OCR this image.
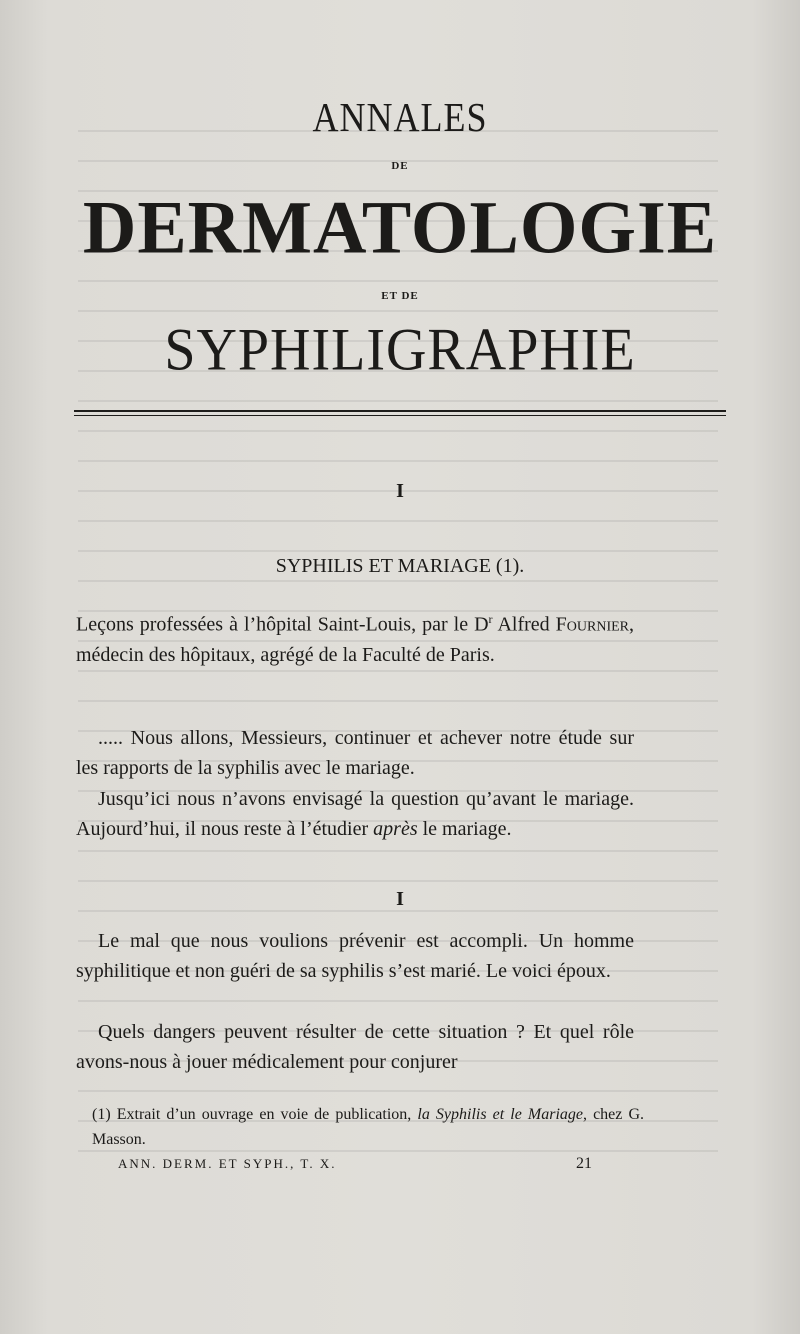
ANNALES
DE
DERMATOLOGIE
ET DE
SYPHILIGRAPHIE
I
SYPHILIS ET MARIAGE (1).
Leçons professées à l’hôpital Saint-Louis, par le $D^r$ Alfred Fournier, médecin des hôpitaux, agrégé de la Faculté de Paris.
..... Nous allons, Messieurs, continuer et achever notre étude sur les rapports de la syphilis avec le mariage.
Jusqu’ici nous n’avons envisagé la question qu’avant le mariage. Aujourd’hui, il nous reste à l’étudier après le mariage.
I
Le mal que nous voulions prévenir est accompli. Un homme syphilitique et non guéri de sa syphilis s’est marié. Le voici époux.
Quels dangers peuvent résulter de cette situation ? Et quel rôle avons-nous à jouer médicalement pour conjurer
(1) Extrait d’un ouvrage en voie de publication, la Syphilis et le Mariage, chez G. Masson.
ANN. DERM. ET SYPH., T. X.	21
